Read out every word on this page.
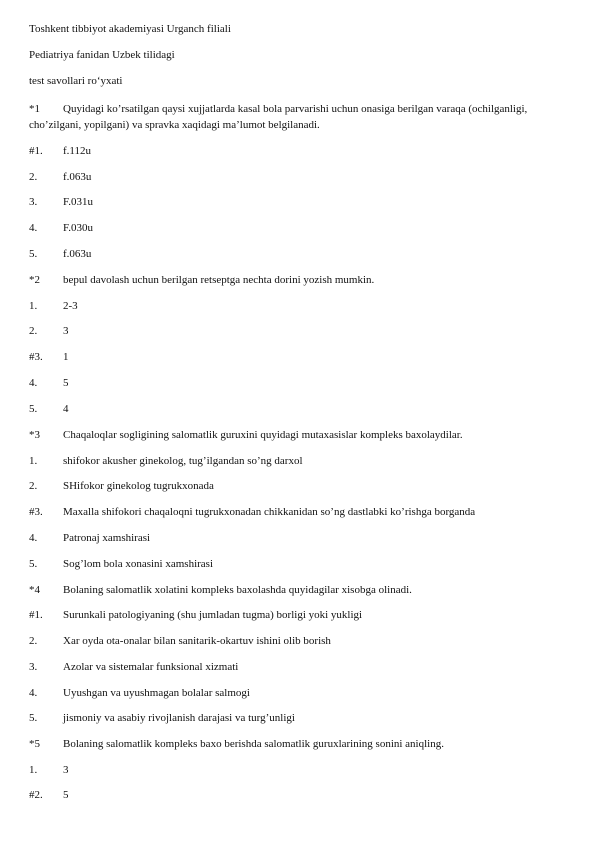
Toshkent tibbiyot akademiyasi Urganch filiali
Pediatriya fanidan Uzbek tilidagi
test savollari ro‘yxati
*1	Quyidagi ko’rsatilgan qaysi xujjatlarda kasal bola parvarishi uchun onasiga berilgan varaqa (ochilganligi, cho’zilgani, yopilgani) va spravka xaqidagi ma’lumot belgilanadi.
#1. f.112u
2. f.063u
3. F.031u
4. F.030u
5. f.063u
*2 bepul davolash uchun berilgan retseptga nechta dorini yozish mumkin.
1. 2-3
2. 3
#3. 1
4. 5
5. 4
*3 Chaqaloqlar sogligining salomatlik guruxini quyidagi mutaxasislar kompleks baxolaydilar.
1. shifokor akusher ginekolog, tug’ilgandan so’ng darxol
2. SHifokor ginekolog tugrukxonada
#3. Maxalla shifokori chaqaloqni tugrukxonadan chikkanidan so’ng dastlabki ko’rishga borganda
4. Patronaj xamshirasi
5. Sog’lom bola xonasini xamshirasi
*4 Bolaning salomatlik xolatini kompleks baxolashda quyidagilar xisobga olinadi.
#1. Surunkali patologiyaning (shu jumladan tugma) borligi yoki yukligi
2. Xar oyda ota-onalar bilan sanitarik-okartuv ishini olib borish
3. Azolar va sistemalar funksional xizmati
4. Uyushgan va uyushmagan bolalar salmogi
5. jismoniy va asabiy rivojlanish darajasi va turg’unligi
*5 Bolaning salomatlik kompleks baxo berishda salomatlik guruxlarining sonini aniqling.
1. 3
#2. 5
